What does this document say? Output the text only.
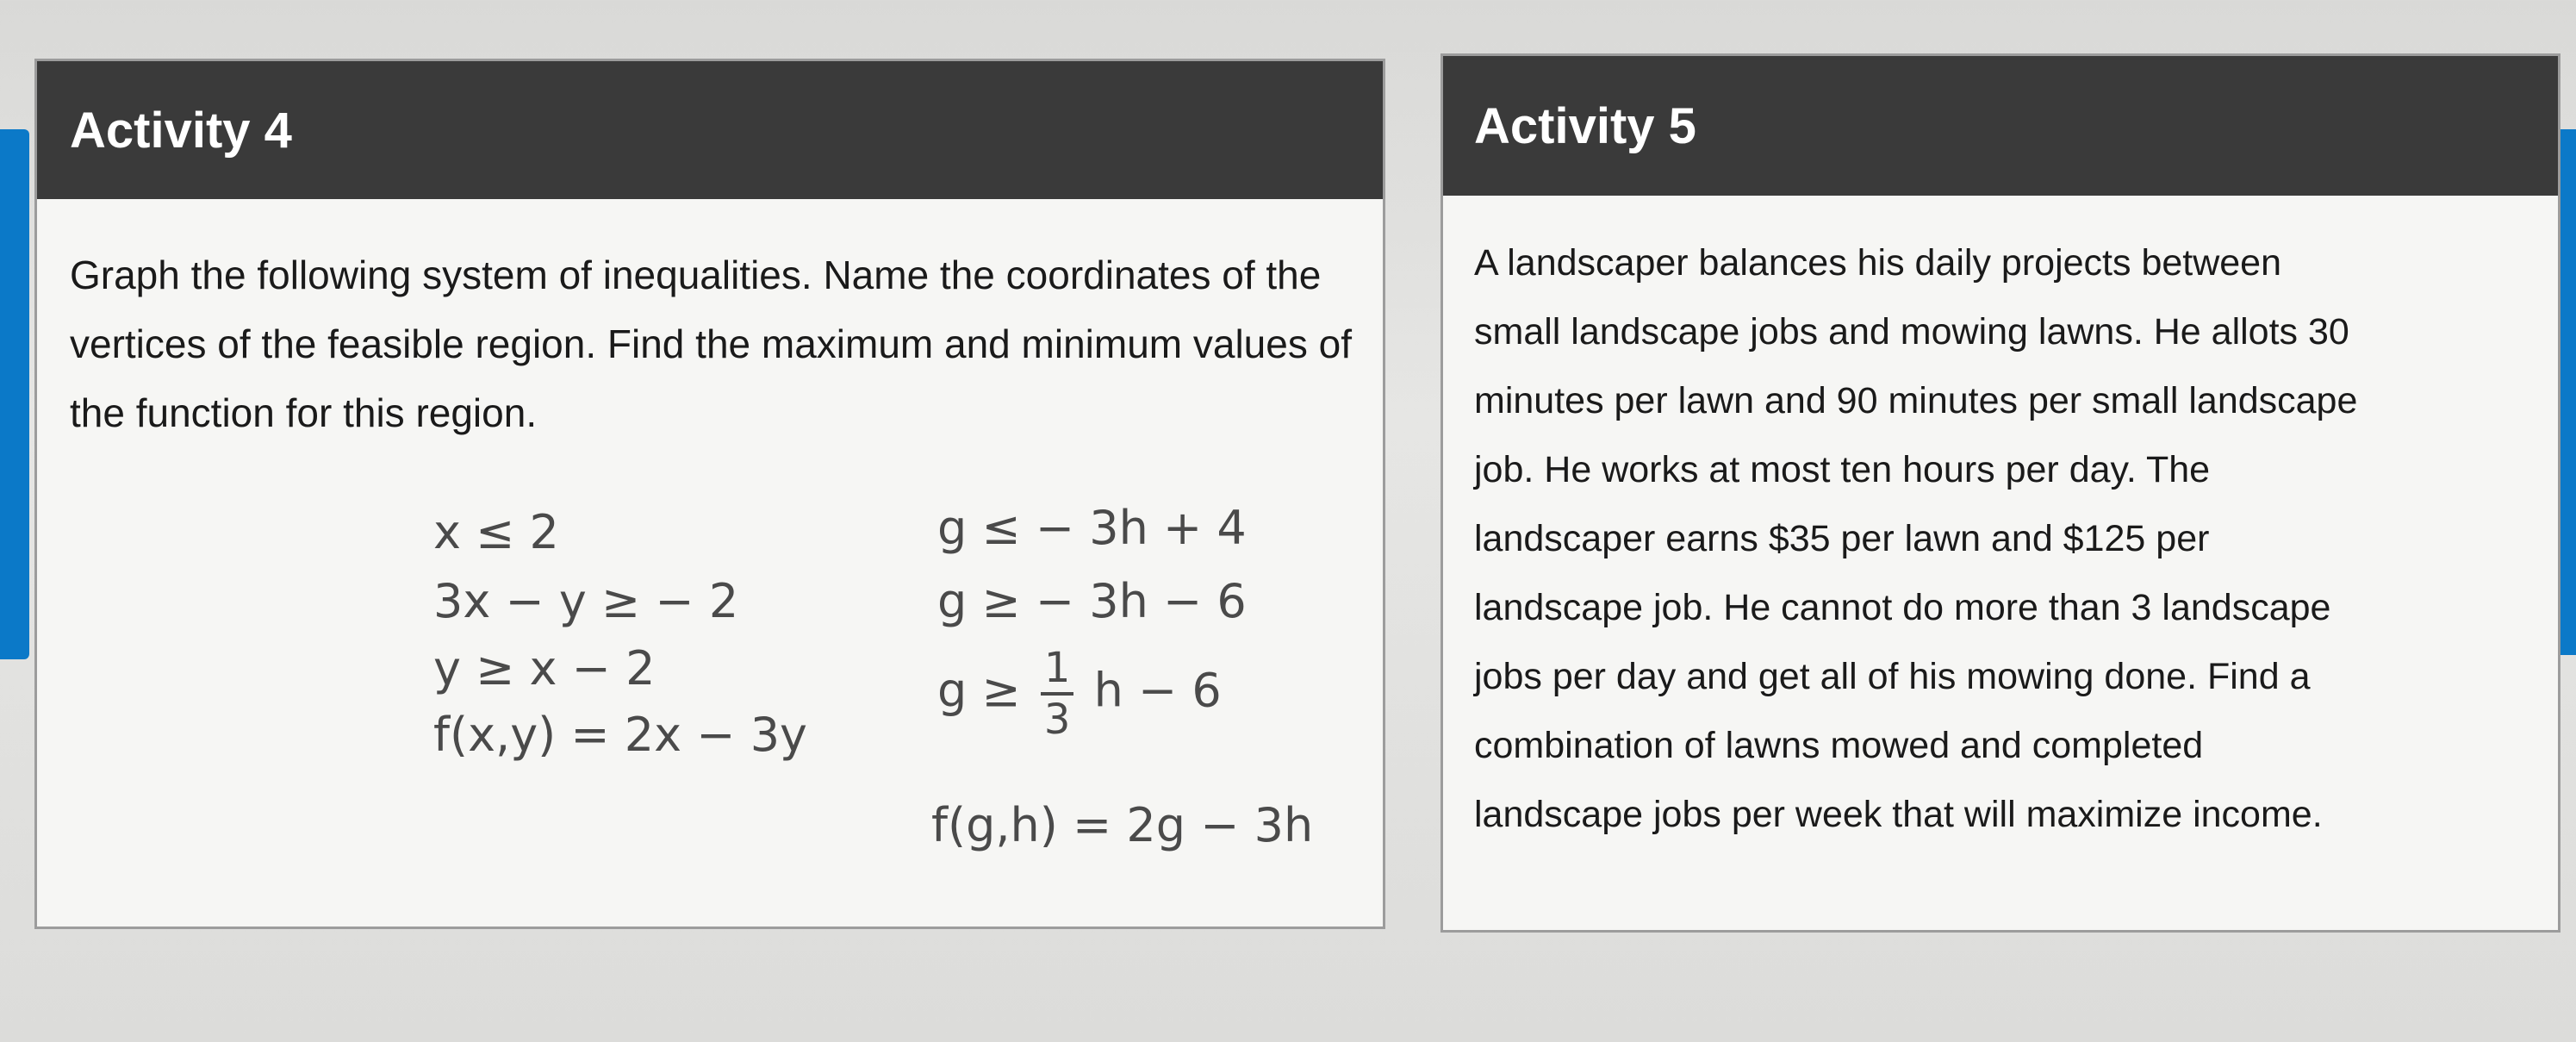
Activity 4

Graph the following system of inequalities. Name the coordinates of the vertices of the feasible region. Find the maximum and minimum values of the function for this region.

x ≤ 2
3x − y ≥ − 2
y ≥ x − 2
f(x,y) = 2x − 3y
g ≤ − 3h + 4
g ≥ − 3h − 6
$g \ge \frac{1}{3}$ h − 6
f(g,h) = 2g − 3h
Activity 5
A landscaper balances his daily projects between
small landscape jobs and mowing lawns. He allots 30
minutes per lawn and 90 minutes per small landscape
job. He works at most ten hours per day. The
landscaper earns $35 per lawn and $125 per
landscape job. He cannot do more than 3 landscape
jobs per day and get all of his mowing done. Find a
combination of lawns mowed and completed
landscape jobs per week that will maximize income.
